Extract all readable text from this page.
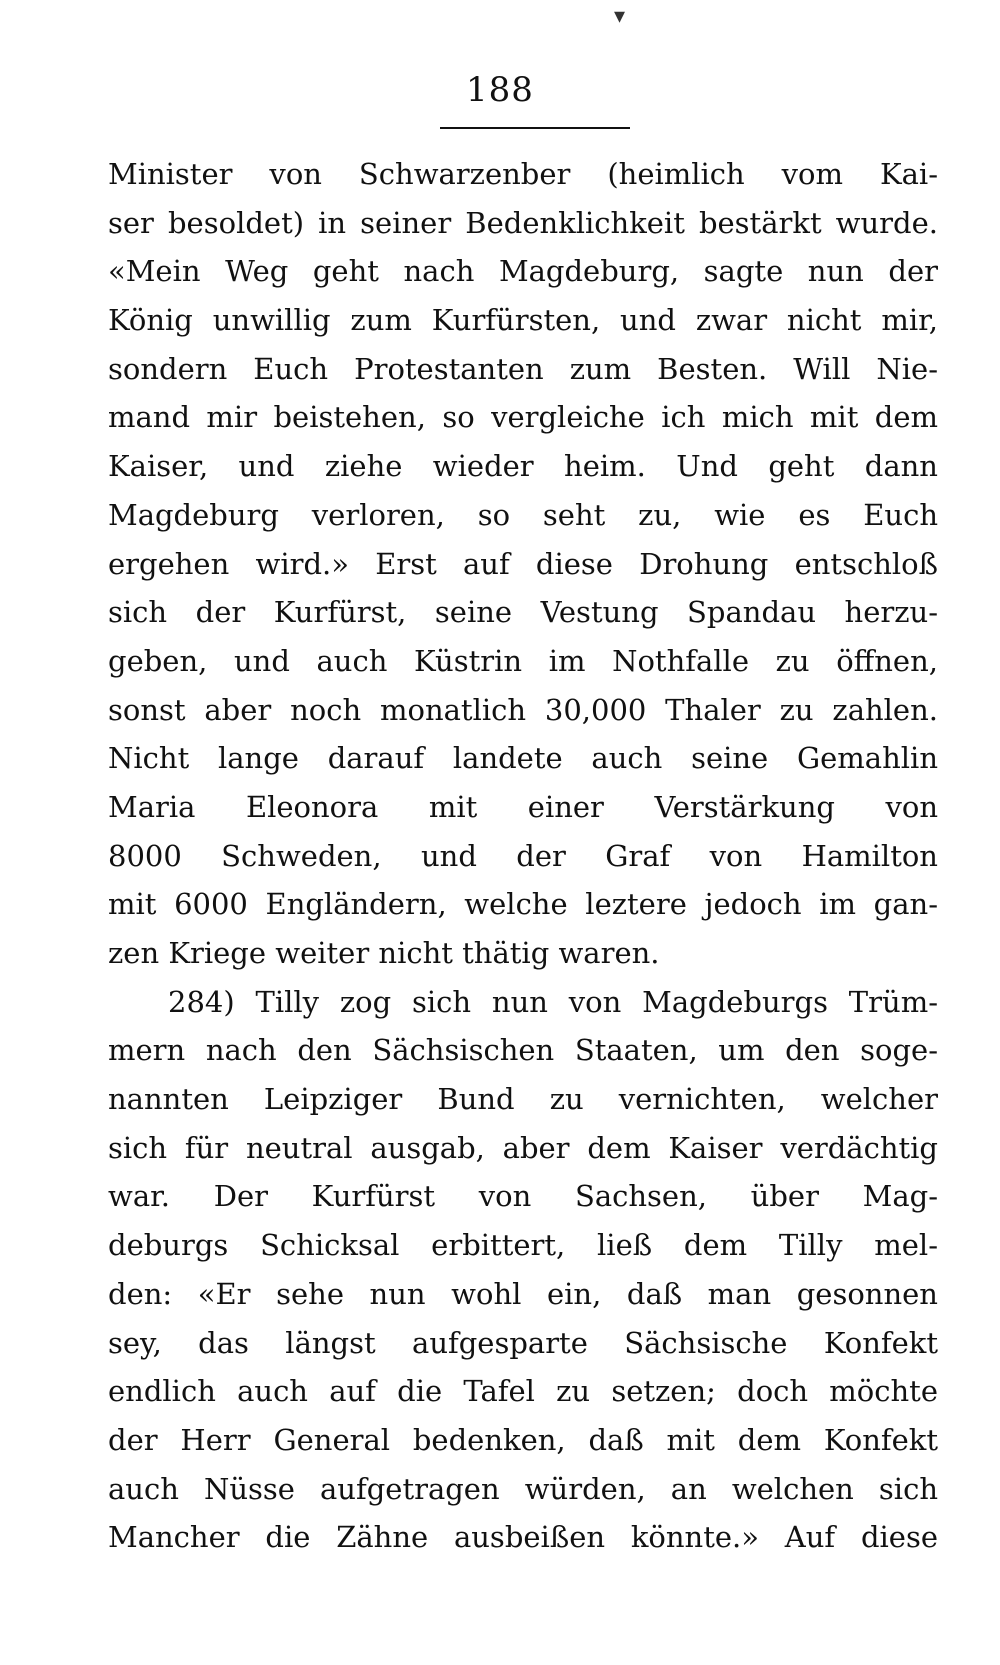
▾
188
Minister von Schwarzenber (heimlich vom Kai-
ser besoldet) in seiner Bedenklichkeit bestärkt wurde.
«Mein Weg geht nach Magdeburg, sagte nun der
König unwillig zum Kurfürsten, und zwar nicht mir,
sondern Euch Protestanten zum Besten. Will Nie-
mand mir beistehen, so vergleiche ich mich mit dem
Kaiser, und ziehe wieder heim. Und geht dann
Magdeburg verloren, so seht zu, wie es Euch
ergehen wird.» Erst auf diese Drohung entschloß
sich der Kurfürst, seine Vestung Spandau herzu-
geben, und auch Küstrin im Nothfalle zu öffnen,
sonst aber noch monatlich 30,000 Thaler zu zahlen.
Nicht lange darauf landete auch seine Gemahlin
Maria Eleonora mit einer Verstärkung von
8000 Schweden, und der Graf von Hamilton
mit 6000 Engländern, welche leztere jedoch im gan-
zen Kriege weiter nicht thätig waren.
284) Tilly zog sich nun von Magdeburgs Trüm-
mern nach den Sächsischen Staaten, um den soge-
nannten Leipziger Bund zu vernichten, welcher
sich für neutral ausgab, aber dem Kaiser verdächtig
war. Der Kurfürst von Sachsen, über Mag-
deburgs Schicksal erbittert, ließ dem Tilly mel-
den: «Er sehe nun wohl ein, daß man gesonnen
sey, das längst aufgesparte Sächsische Konfekt
endlich auch auf die Tafel zu setzen; doch möchte
der Herr General bedenken, daß mit dem Konfekt
auch Nüsse aufgetragen würden, an welchen sich
Mancher die Zähne ausbeißen könnte.» Auf diese
